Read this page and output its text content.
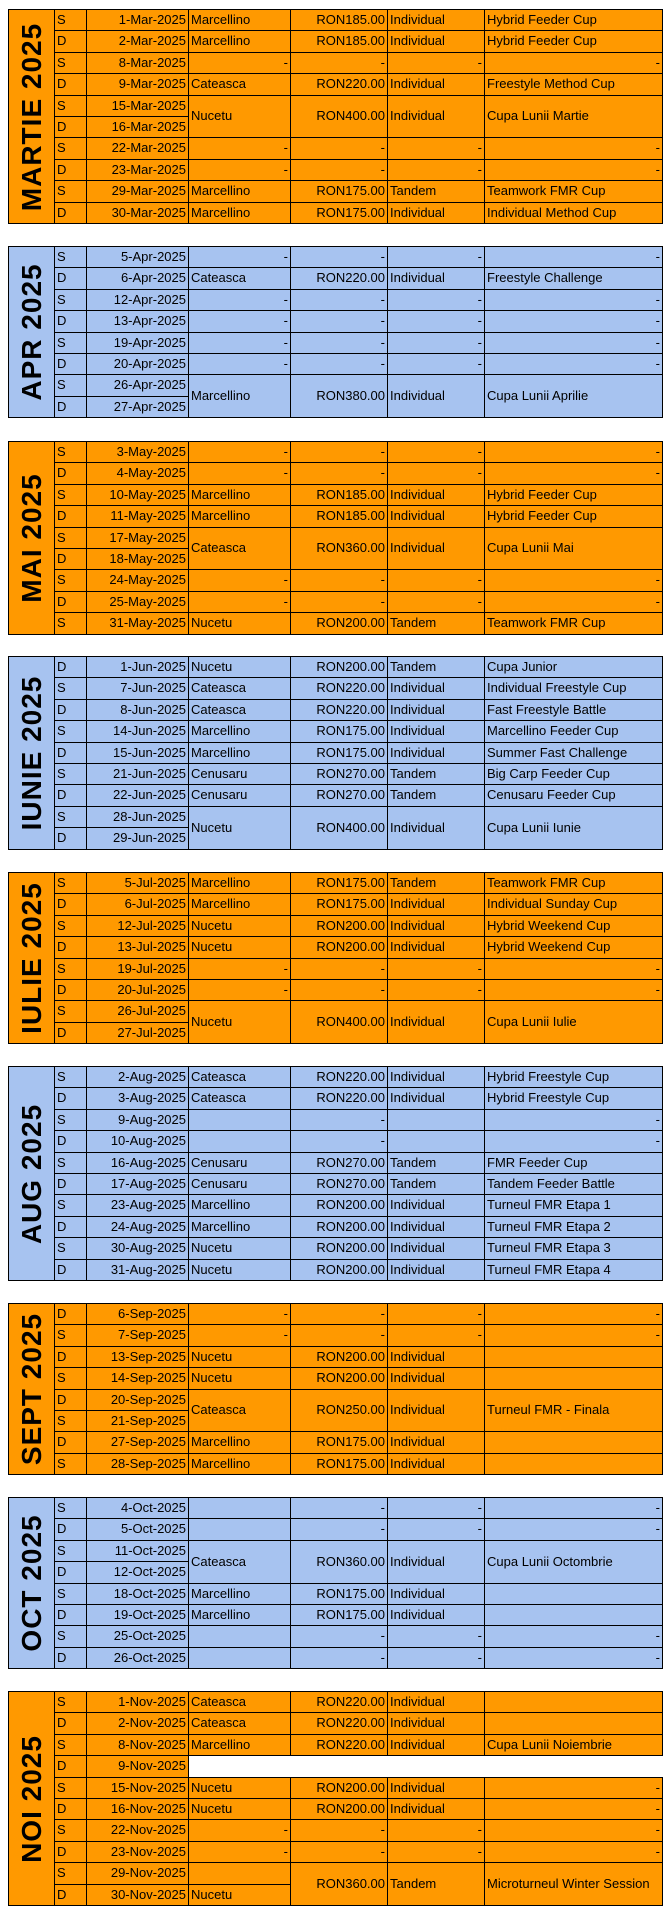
MARTIE 2025	S	1-Mar-2025	Marcellino	RON185.00	Individual	Hybrid Feeder Cup
	D	2-Mar-2025	Marcellino	RON185.00	Individual	Hybrid Feeder Cup
	S	8-Mar-2025	-	-	-	-
	D	9-Mar-2025	Cateasca	RON220.00	Individual	Freestyle Method Cup
	S	15-Mar-2025	Nucetu	RON400.00	Individual	Cupa Lunii Martie
	D	16-Mar-2025				
	S	22-Mar-2025	-	-	-	-
	D	23-Mar-2025	-	-	-	-
	S	29-Mar-2025	Marcellino	RON175.00	Tandem	Teamwork FMR Cup
	D	30-Mar-2025	Marcellino	RON175.00	Individual	Individual Method Cup
APR 2025	S	5-Apr-2025	-	-	-	-
	D	6-Apr-2025	Cateasca	RON220.00	Individual	Freestyle Challenge
	S	12-Apr-2025	-	-	-	-
	D	13-Apr-2025	-	-	-	-
	S	19-Apr-2025	-	-	-	-
	D	20-Apr-2025	-	-	-	-
	S	26-Apr-2025	Marcellino	RON380.00	Individual	Cupa Lunii Aprilie
	D	27-Apr-2025				
MAI 2025	S	3-May-2025	-	-	-	-
	D	4-May-2025	-	-	-	-
	S	10-May-2025	Marcellino	RON185.00	Individual	Hybrid Feeder Cup
	D	11-May-2025	Marcellino	RON185.00	Individual	Hybrid Feeder Cup
	S	17-May-2025	Cateasca	RON360.00	Individual	Cupa Lunii Mai
	D	18-May-2025				
	S	24-May-2025	-	-	-	-
	D	25-May-2025	-	-	-	-
	S	31-May-2025	Nucetu	RON200.00	Tandem	Teamwork FMR Cup
IUNIE 2025	D	1-Jun-2025	Nucetu	RON200.00	Tandem	Cupa Junior
	S	7-Jun-2025	Cateasca	RON220.00	Individual	Individual Freestyle Cup
	D	8-Jun-2025	Cateasca	RON220.00	Individual	Fast Freestyle Battle
	S	14-Jun-2025	Marcellino	RON175.00	Individual	Marcellino Feeder Cup
	D	15-Jun-2025	Marcellino	RON175.00	Individual	Summer Fast Challenge
	S	21-Jun-2025	Cenusaru	RON270.00	Tandem	Big Carp Feeder Cup
	D	22-Jun-2025	Cenusaru	RON270.00	Tandem	Cenusaru Feeder Cup
	S	28-Jun-2025	Nucetu	RON400.00	Individual	Cupa Lunii Iunie
	D	29-Jun-2025				
IULIE 2025	S	5-Jul-2025	Marcellino	RON175.00	Tandem	Teamwork FMR Cup
	D	6-Jul-2025	Marcellino	RON175.00	Individual	Individual Sunday Cup
	S	12-Jul-2025	Nucetu	RON200.00	Individual	Hybrid Weekend Cup
	D	13-Jul-2025	Nucetu	RON200.00	Individual	Hybrid Weekend Cup
	S	19-Jul-2025	-	-	-	-
	D	20-Jul-2025	-	-	-	-
	S	26-Jul-2025	Nucetu	RON400.00	Individual	Cupa Lunii Iulie
	D	27-Jul-2025				
AUG 2025	S	2-Aug-2025	Cateasca	RON220.00	Individual	Hybrid Freestyle Cup
	D	3-Aug-2025	Cateasca	RON220.00	Individual	Hybrid Freestyle Cup
	S	9-Aug-2025		-		-
	D	10-Aug-2025		-		-
	S	16-Aug-2025	Cenusaru	RON270.00	Tandem	FMR Feeder Cup
	D	17-Aug-2025	Cenusaru	RON270.00	Tandem	Tandem Feeder Battle
	S	23-Aug-2025	Marcellino	RON200.00	Individual	Turneul FMR Etapa 1
	D	24-Aug-2025	Marcellino	RON200.00	Individual	Turneul FMR Etapa 2
	S	30-Aug-2025	Nucetu	RON200.00	Individual	Turneul FMR Etapa 3
	D	31-Aug-2025	Nucetu	RON200.00	Individual	Turneul FMR Etapa 4
SEPT 2025	D	6-Sep-2025	-	-	-	-
	S	7-Sep-2025	-	-	-	-
	D	13-Sep-2025	Nucetu	RON200.00	Individual	
	S	14-Sep-2025	Nucetu	RON200.00	Individual	
	D	20-Sep-2025	Cateasca	RON250.00	Individual	Turneul FMR - Finala
	S	21-Sep-2025				
	D	27-Sep-2025	Marcellino	RON175.00	Individual	
	S	28-Sep-2025	Marcellino	RON175.00	Individual	
OCT 2025	S	4-Oct-2025		-	-	-
	D	5-Oct-2025		-	-	-
	S	11-Oct-2025	Cateasca	RON360.00	Individual	Cupa Lunii Octombrie
	D	12-Oct-2025				
	S	18-Oct-2025	Marcellino	RON175.00	Individual	
	D	19-Oct-2025	Marcellino	RON175.00	Individual	
	S	25-Oct-2025		-	-	-
	D	26-Oct-2025		-	-	-
NOI 2025	S	1-Nov-2025	Cateasca	RON220.00	Individual	
	D	2-Nov-2025	Cateasca	RON220.00	Individual	
	S	8-Nov-2025	Marcellino	RON220.00	Individual	Cupa Lunii Noiembrie
	D	9-Nov-2025				
	S	15-Nov-2025	Nucetu	RON200.00	Individual	-
	D	16-Nov-2025	Nucetu	RON200.00	Individual	-
	S	22-Nov-2025	-	-	-	-
	D	23-Nov-2025	-	-	-	-
	S	29-Nov-2025		RON360.00	Tandem	Microturneul Winter Session
	D	30-Nov-2025	Nucetu			
